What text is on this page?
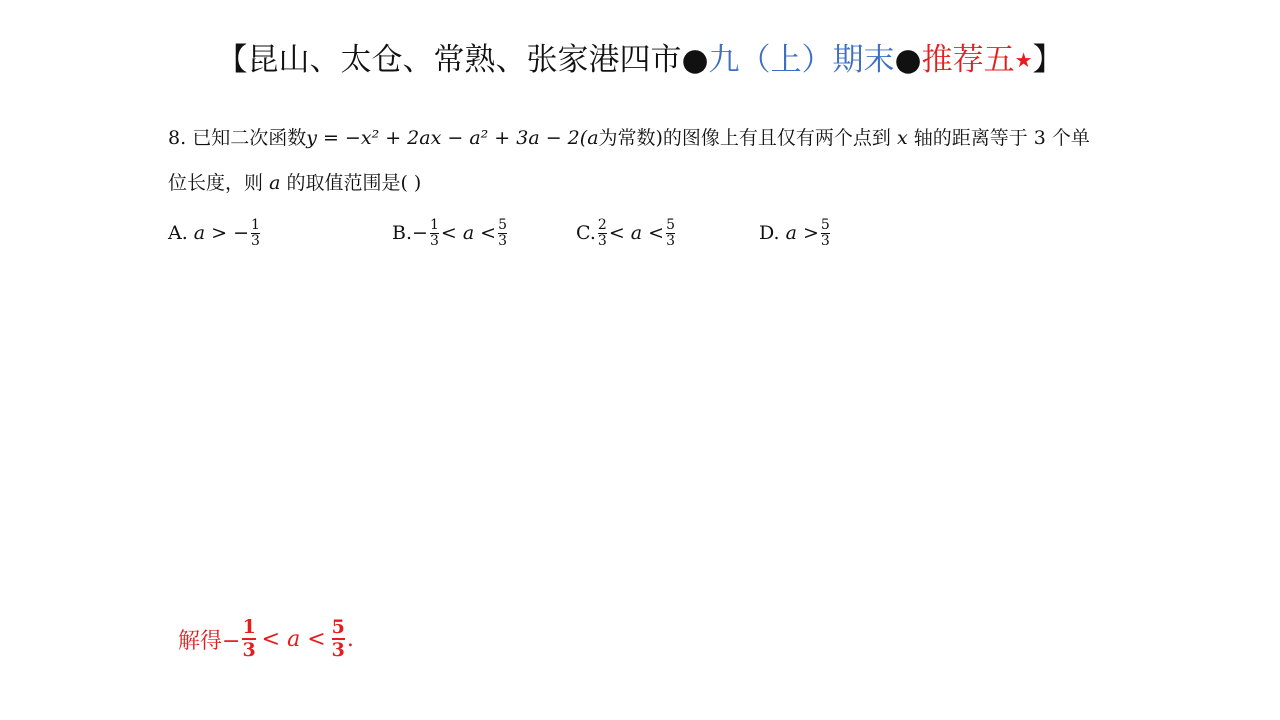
【昆山、太仓、常熟、张家港四市●九（上）期末●推荐五★】
8. 已知二次函数y = −x² + 2ax − a² + 3a − 2(a为常数)的图像上有且仅有两个点到 x 轴的距离等于 3 个单
位长度，则 a 的取值范围是( )
A. a > − $\frac{1}{3}$	B. − $\frac{1}{3} < a < \frac{5}{3}$	C. $\frac{2}{3} < a < \frac{5}{3}$	D. $a > \frac{5}{3}$
解得− $\frac{1}{3} < a < \frac{5}{3}$ .
